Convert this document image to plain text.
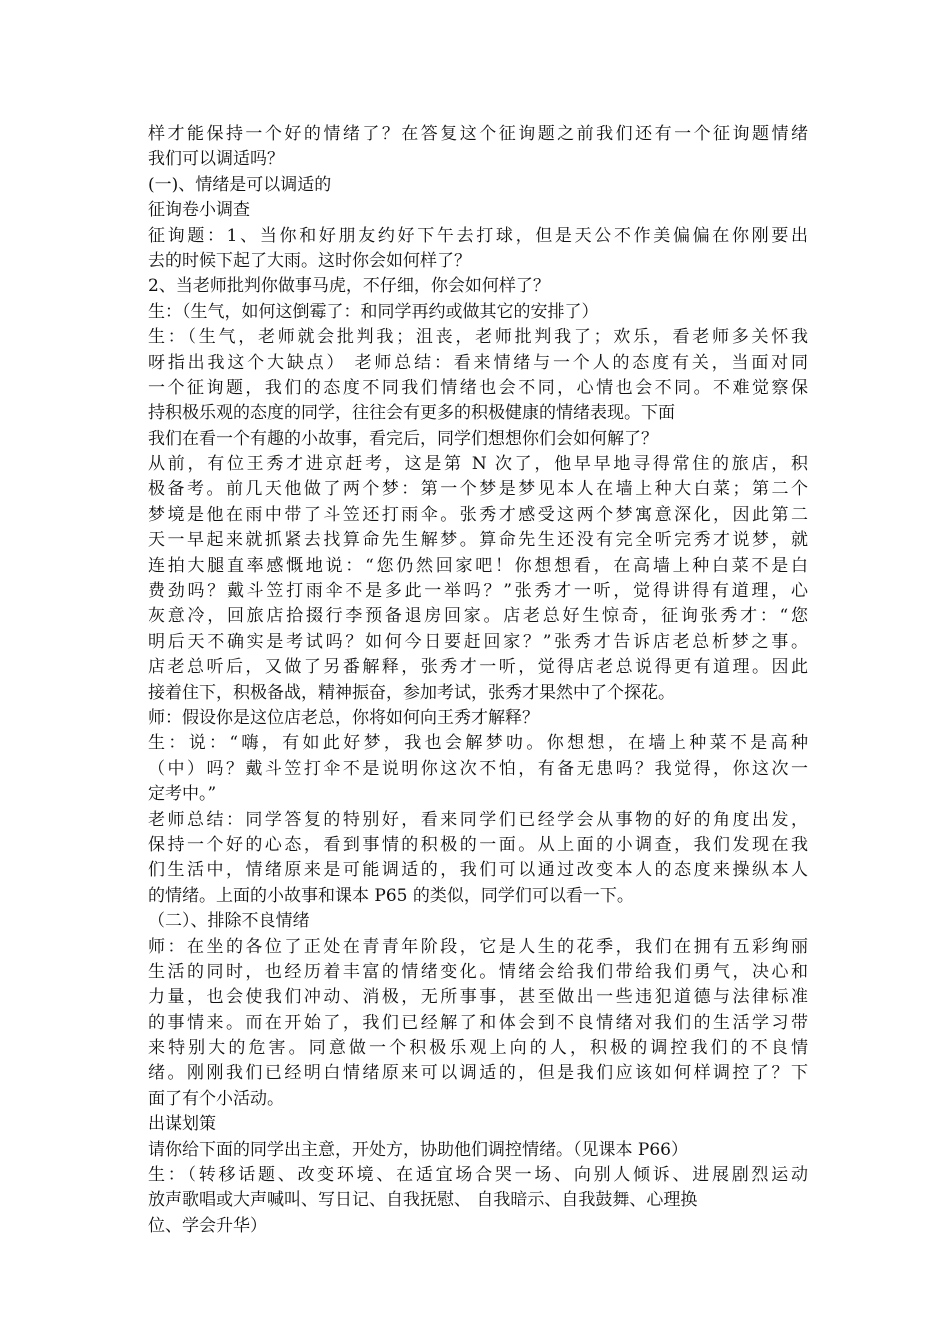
样才能保持一个好的情绪了？在答复这个征询题之前我们还有一个征询题情绪
我们可以调适吗？
(一)、情绪是可以调适的
征询卷小调查
征询题：1、当你和好朋友约好下午去打球，但是天公不作美偏偏在你刚要出
去的时候下起了大雨。这时你会如何样了？
2、当老师批判你做事马虎，不仔细，你会如何样了？
生：（生气，如何这倒霉了：和同学再约或做其它的安排了）
生：（生气，老师就会批判我；沮丧，老师批判我了；欢乐，看老师多关怀我
呀指出我这个大缺点） 老师总结：看来情绪与一个人的态度有关，当面对同
一个征询题，我们的态度不同我们情绪也会不同，心情也会不同。不难觉察保
持积极乐观的态度的同学，往往会有更多的积极健康的情绪表现。下面
我们在看一个有趣的小故事，看完后，同学们想想你们会如何解了？
从前，有位王秀才进京赶考，这是第 N 次了，他早早地寻得常住的旅店，积
极备考。前几天他做了两个梦：第一个梦是梦见本人在墙上种大白菜；第二个
梦境是他在雨中带了斗笠还打雨伞。张秀才感受这两个梦寓意深化，因此第二
天一早起来就抓紧去找算命先生解梦。算命先生还没有完全听完秀才说梦，就
连拍大腿直率感慨地说：“您仍然回家吧！你想想看，在高墙上种白菜不是白
费劲吗？戴斗笠打雨伞不是多此一举吗？”张秀才一听，觉得讲得有道理，心
灰意冷，回旅店拾掇行李预备退房回家。店老总好生惊奇，征询张秀才：“您
明后天不确实是考试吗？如何今日要赶回家？”张秀才告诉店老总析梦之事。
店老总听后，又做了另番解释，张秀才一听，觉得店老总说得更有道理。因此
接着住下，积极备战，精神振奋，参加考试，张秀才果然中了个探花。
师：假设你是这位店老总，你将如何向王秀才解释？
生：说：“嗨，有如此好梦，我也会解梦叻。你想想，在墙上种菜不是高种
（中）吗？戴斗笠打伞不是说明你这次不怕，有备无患吗？我觉得，你这次一
定考中。”
老师总结：同学答复的特别好，看来同学们已经学会从事物的好的角度出发，
保持一个好的心态，看到事情的积极的一面。从上面的小调查，我们发现在我
们生活中，情绪原来是可能调适的，我们可以通过改变本人的态度来操纵本人
的情绪。上面的小故事和课本 P65 的类似，同学们可以看一下。
（二）、排除不良情绪
师：在坐的各位了正处在青青年阶段，它是人生的花季，我们在拥有五彩绚丽
生活的同时，也经历着丰富的情绪变化。情绪会给我们带给我们勇气，决心和
力量，也会使我们冲动、消极，无所事事，甚至做出一些违犯道德与法律标准
的事情来。而在开始了，我们已经解了和体会到不良情绪对我们的生活学习带
来特别大的危害。同意做一个积极乐观上向的人，积极的调控我们的不良情
绪。刚刚我们已经明白情绪原来可以调适的，但是我们应该如何样调控了？下
面了有个小活动。
出谋划策
请你给下面的同学出主意，开处方，协助他们调控情绪。（见课本 P66）
生：（转移话题、改变环境、在适宜场合哭一场、向别人倾诉、进展剧烈运动
放声歌唱或大声喊叫、写日记、自我抚慰、 自我暗示、自我鼓舞、心理换
位、学会升华）
